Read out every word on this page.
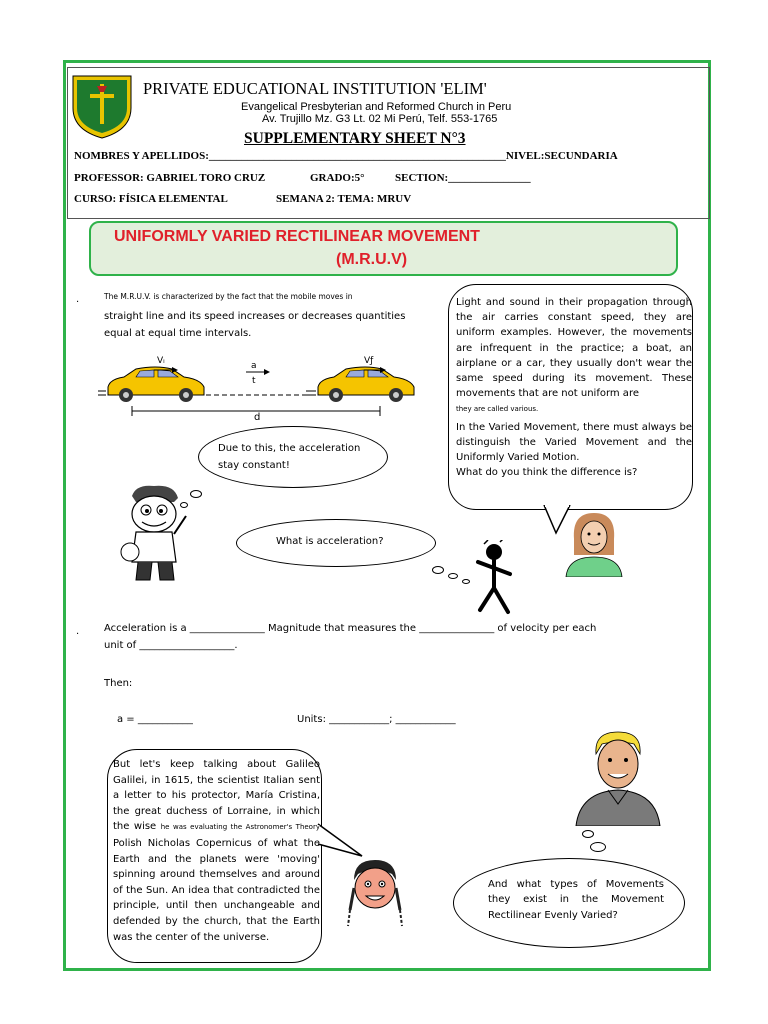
PRIVATE EDUCATIONAL INSTITUTION 'ELIM'
Evangelical Presbyterian and Reformed Church in Peru
Av. Trujillo Mz. G3 Lt. 02 Mi Perú, Telf. 553-1765
SUPPLEMENTARY SHEET N°3
NOMBRES Y APELLIDOS:______________________________________________________NIVEL:SECUNDARIA
PROFESSOR: GABRIEL TORO CRUZ	GRADO:5°	SECTION:_______________
CURSO: FÍSICA ELEMENTAL	SEMANA 2: TEMA: MRUV
UNIFORMLY VARIED RECTILINEAR MOVEMENT
(M.R.U.V)
.	The M.R.U.V. is characterized by the fact that the mobile moves in
straight line and its speed increases or decreases quantities equal at equal time intervals.
Vᵢ	a
t
Vƒ
d
Light and sound in their propagation through the air carries constant speed, they are uniform examples. However, the movements are infrequent in the practice; a boat, an airplane or a car, they usually don't wear the same speed during its movement. These movements that are not uniform are
they are called various.
In the Varied Movement, there must always be distinguish the Varied Movement and the Uniformly Varied Motion.
What do you think the difference is?
Due to this, the acceleration stay constant!
What is acceleration?
. Acceleration is a _______________ Magnitude that measures the _______________ of velocity per each
unit of ___________________.
Then:
a = ___________	Units: ____________; ____________
But let's keep talking about Galileo Galilei, in 1615, the scientist Italian sent a letter to his protector, María Cristina, the great duchess of Lorraine, in which the wise he was evaluating the Astronomer's Theory Polish Nicholas Copernicus of what the Earth and the planets were 'moving' spinning around themselves and around of the Sun. An idea that contradicted the principle, until then unchangeable and defended by the church, that the Earth was the center of the universe.
And what types of Movements they exist in the Movement Rectilinear Evenly Varied?
